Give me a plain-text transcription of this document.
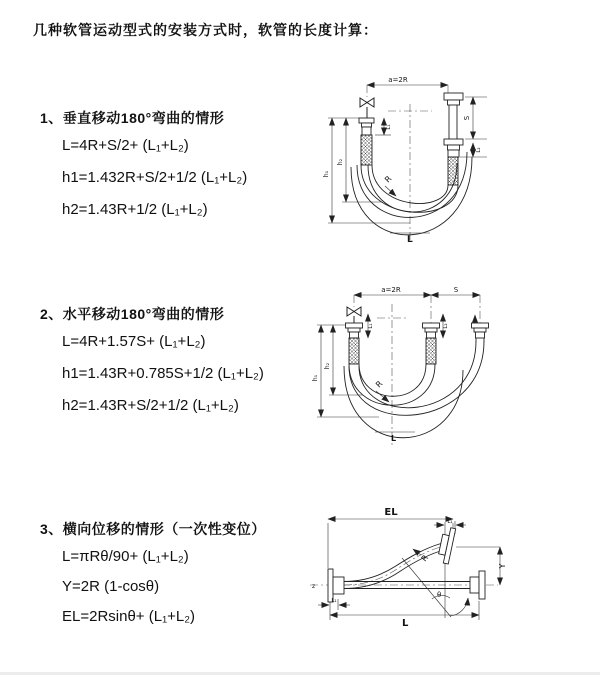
几种软管运动型式的安装方式时，软管的长度计算：
1、垂直移动180°弯曲的情形
L=4R+S/2+ (L₁+L₂)
h1=1.432R+S/2+1/2 (L₁+L₂)
h2=1.43R+1/2 (L₁+L₂)
2、水平移动180°弯曲的情形
L=4R+1.57S+ (L₁+L₂)
h1=1.43R+0.785S+1/2 (L₁+L₂)
h2=1.43R+S/2+1/2 (L₁+L₂)
3、横向位移的情形（一次性变位）
L=πRθ/90+ (L₁+L₂)
Y=2R (1-cosθ)
EL=2Rsinθ+ (L₁+L₂)
a=2R
S
L₂
L₁
h₁
h₂
R
L
a=2R	S
L₁	L₂
h₁
h₂
R
L
EL
L₁
Y
R
θ
L
L₁
z
